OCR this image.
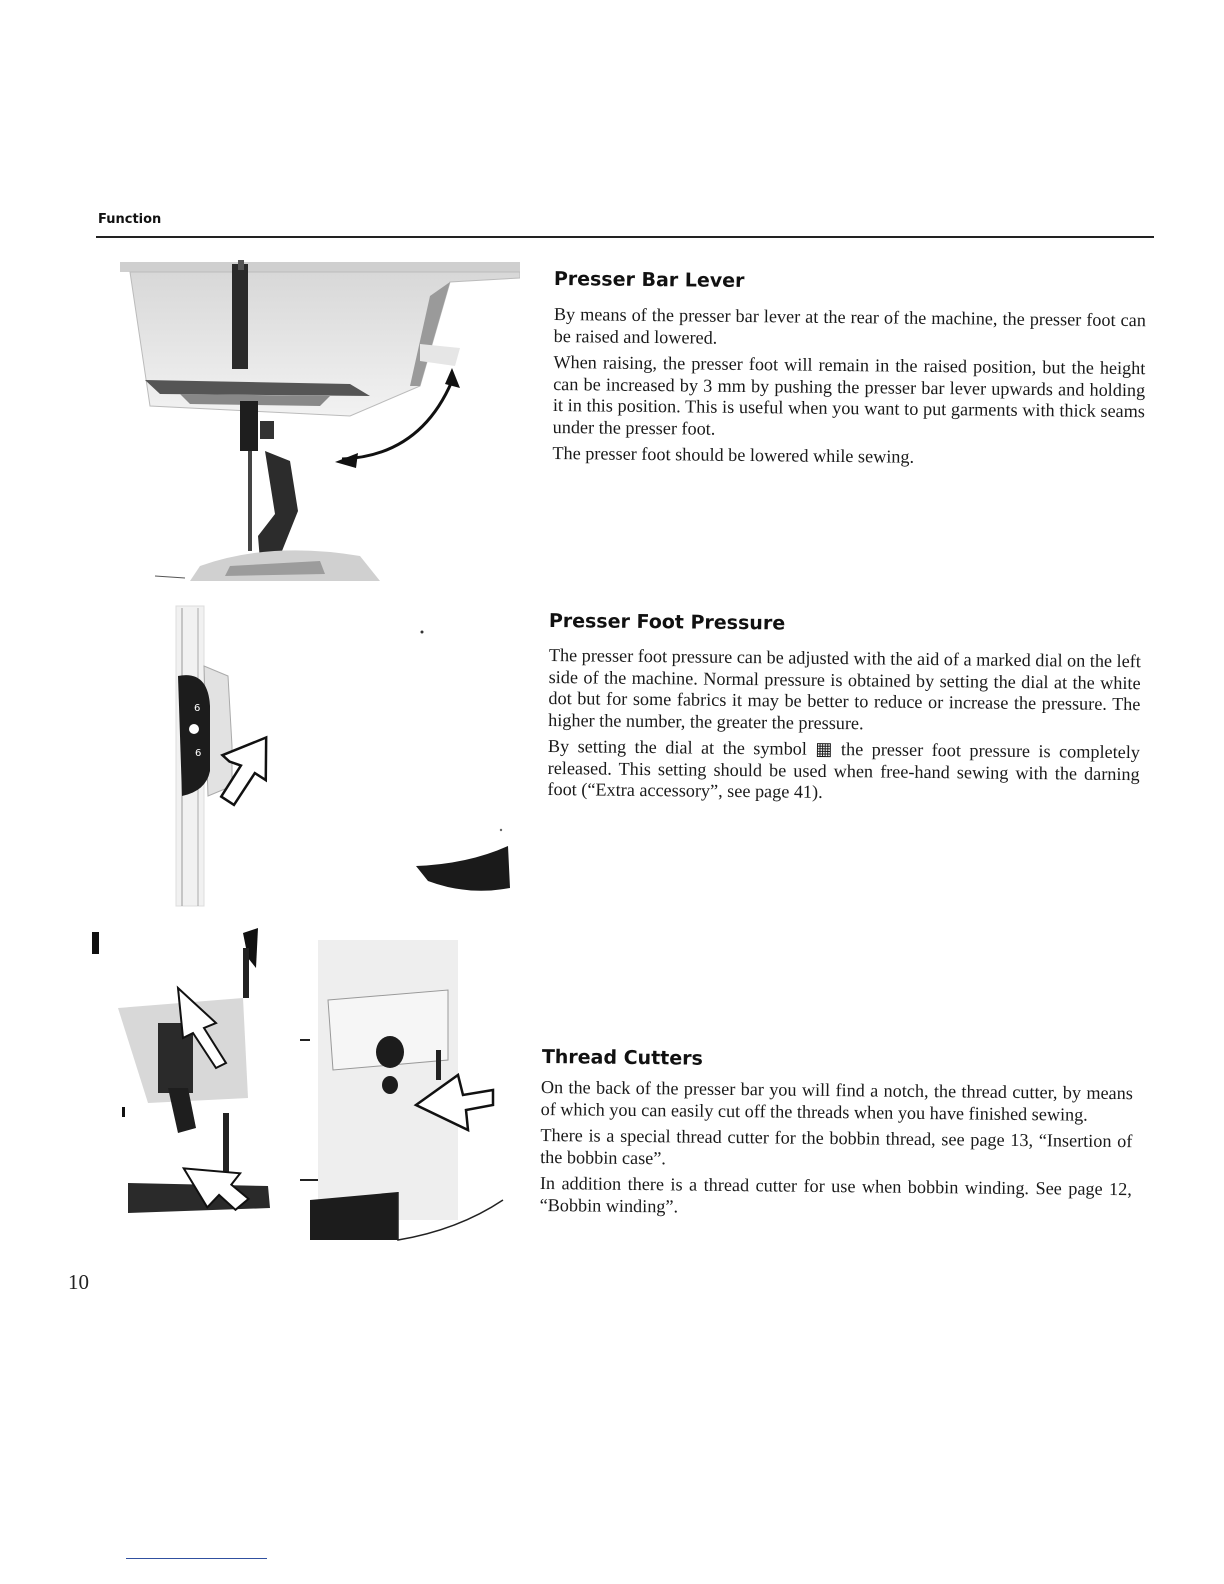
Function
6
6
Presser Bar Lever

By means of the presser bar lever at the rear of the machine, the presser foot can be raised and lowered.

When raising, the presser foot will remain in the raised position, but the height can be increased by 3 mm by pushing the presser bar lever upwards and holding it in this position. This is useful when you want to put garments with thick seams under the presser foot.

The presser foot should be lowered while sewing.

Presser Foot Pressure

The presser foot pressure can be adjusted with the aid of a marked dial on the left side of the machine. Normal pressure is obtained by setting the dial at the white dot but for some fabrics it may be better to reduce or increase the pressure. The higher the number, the greater the pressure.

By setting the dial at the symbol ▦ the presser foot pressure is completely released. This setting should be used when free-hand sewing with the darning foot (“Extra accessory”, see page 41).

Thread Cutters

On the back of the presser bar you will find a notch, the thread cutter, by means of which you can easily cut off the threads when you have finished sewing.

There is a special thread cutter for the bobbin thread, see page 13, “Insertion of the bobbin case”.

In addition there is a thread cutter for use when bobbin winding. See page 12, “Bobbin winding”.

10
